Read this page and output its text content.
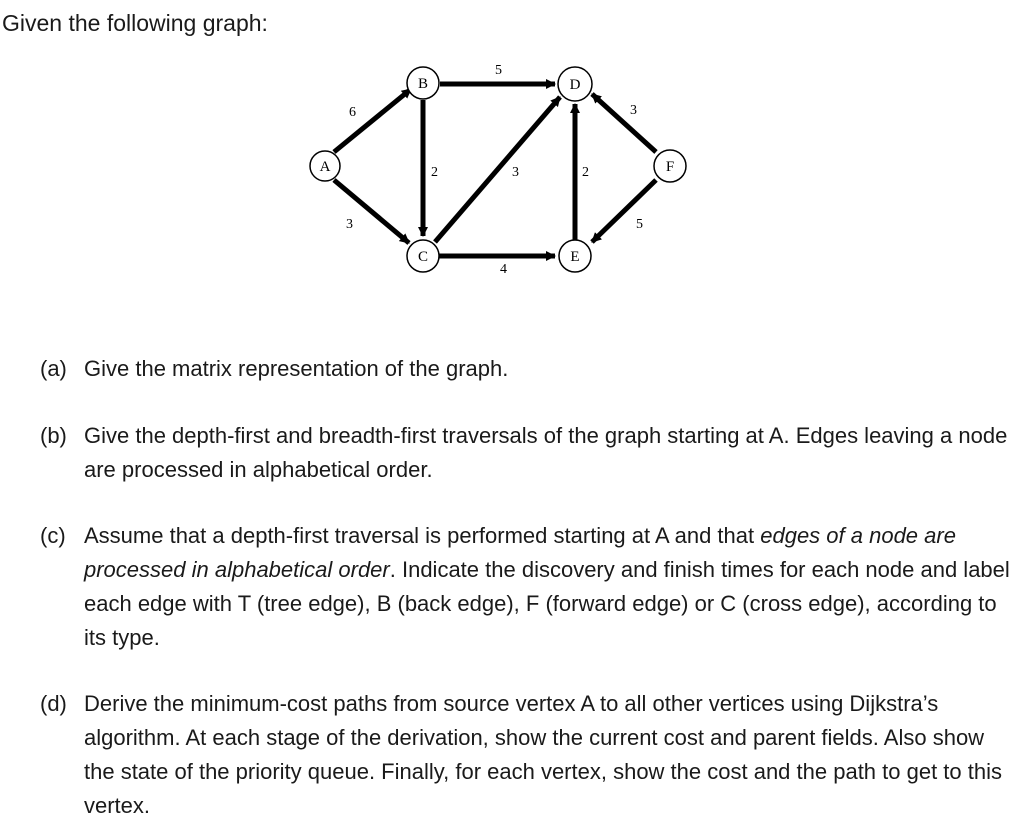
Given the following graph:
A
B
C
D
E
F
6
3
5
2
4
3	2
3
5
(a) Give the matrix representation of the graph.
(b) Give the depth-first and breadth-first traversals of the graph starting at A. Edges leaving a node are processed in alphabetical order.
(c) Assume that a depth-first traversal is performed starting at A and that edges of a node are processed in alphabetical order. Indicate the discovery and finish times for each node and label each edge with T (tree edge), B (back edge), F (forward edge) or C (cross edge), according to its type.
(d) Derive the minimum-cost paths from source vertex A to all other vertices using Dijkstra’s algorithm. At each stage of the derivation, show the current cost and parent fields. Also show the state of the priority queue. Finally, for each vertex, show the cost and the path to get to this vertex.
